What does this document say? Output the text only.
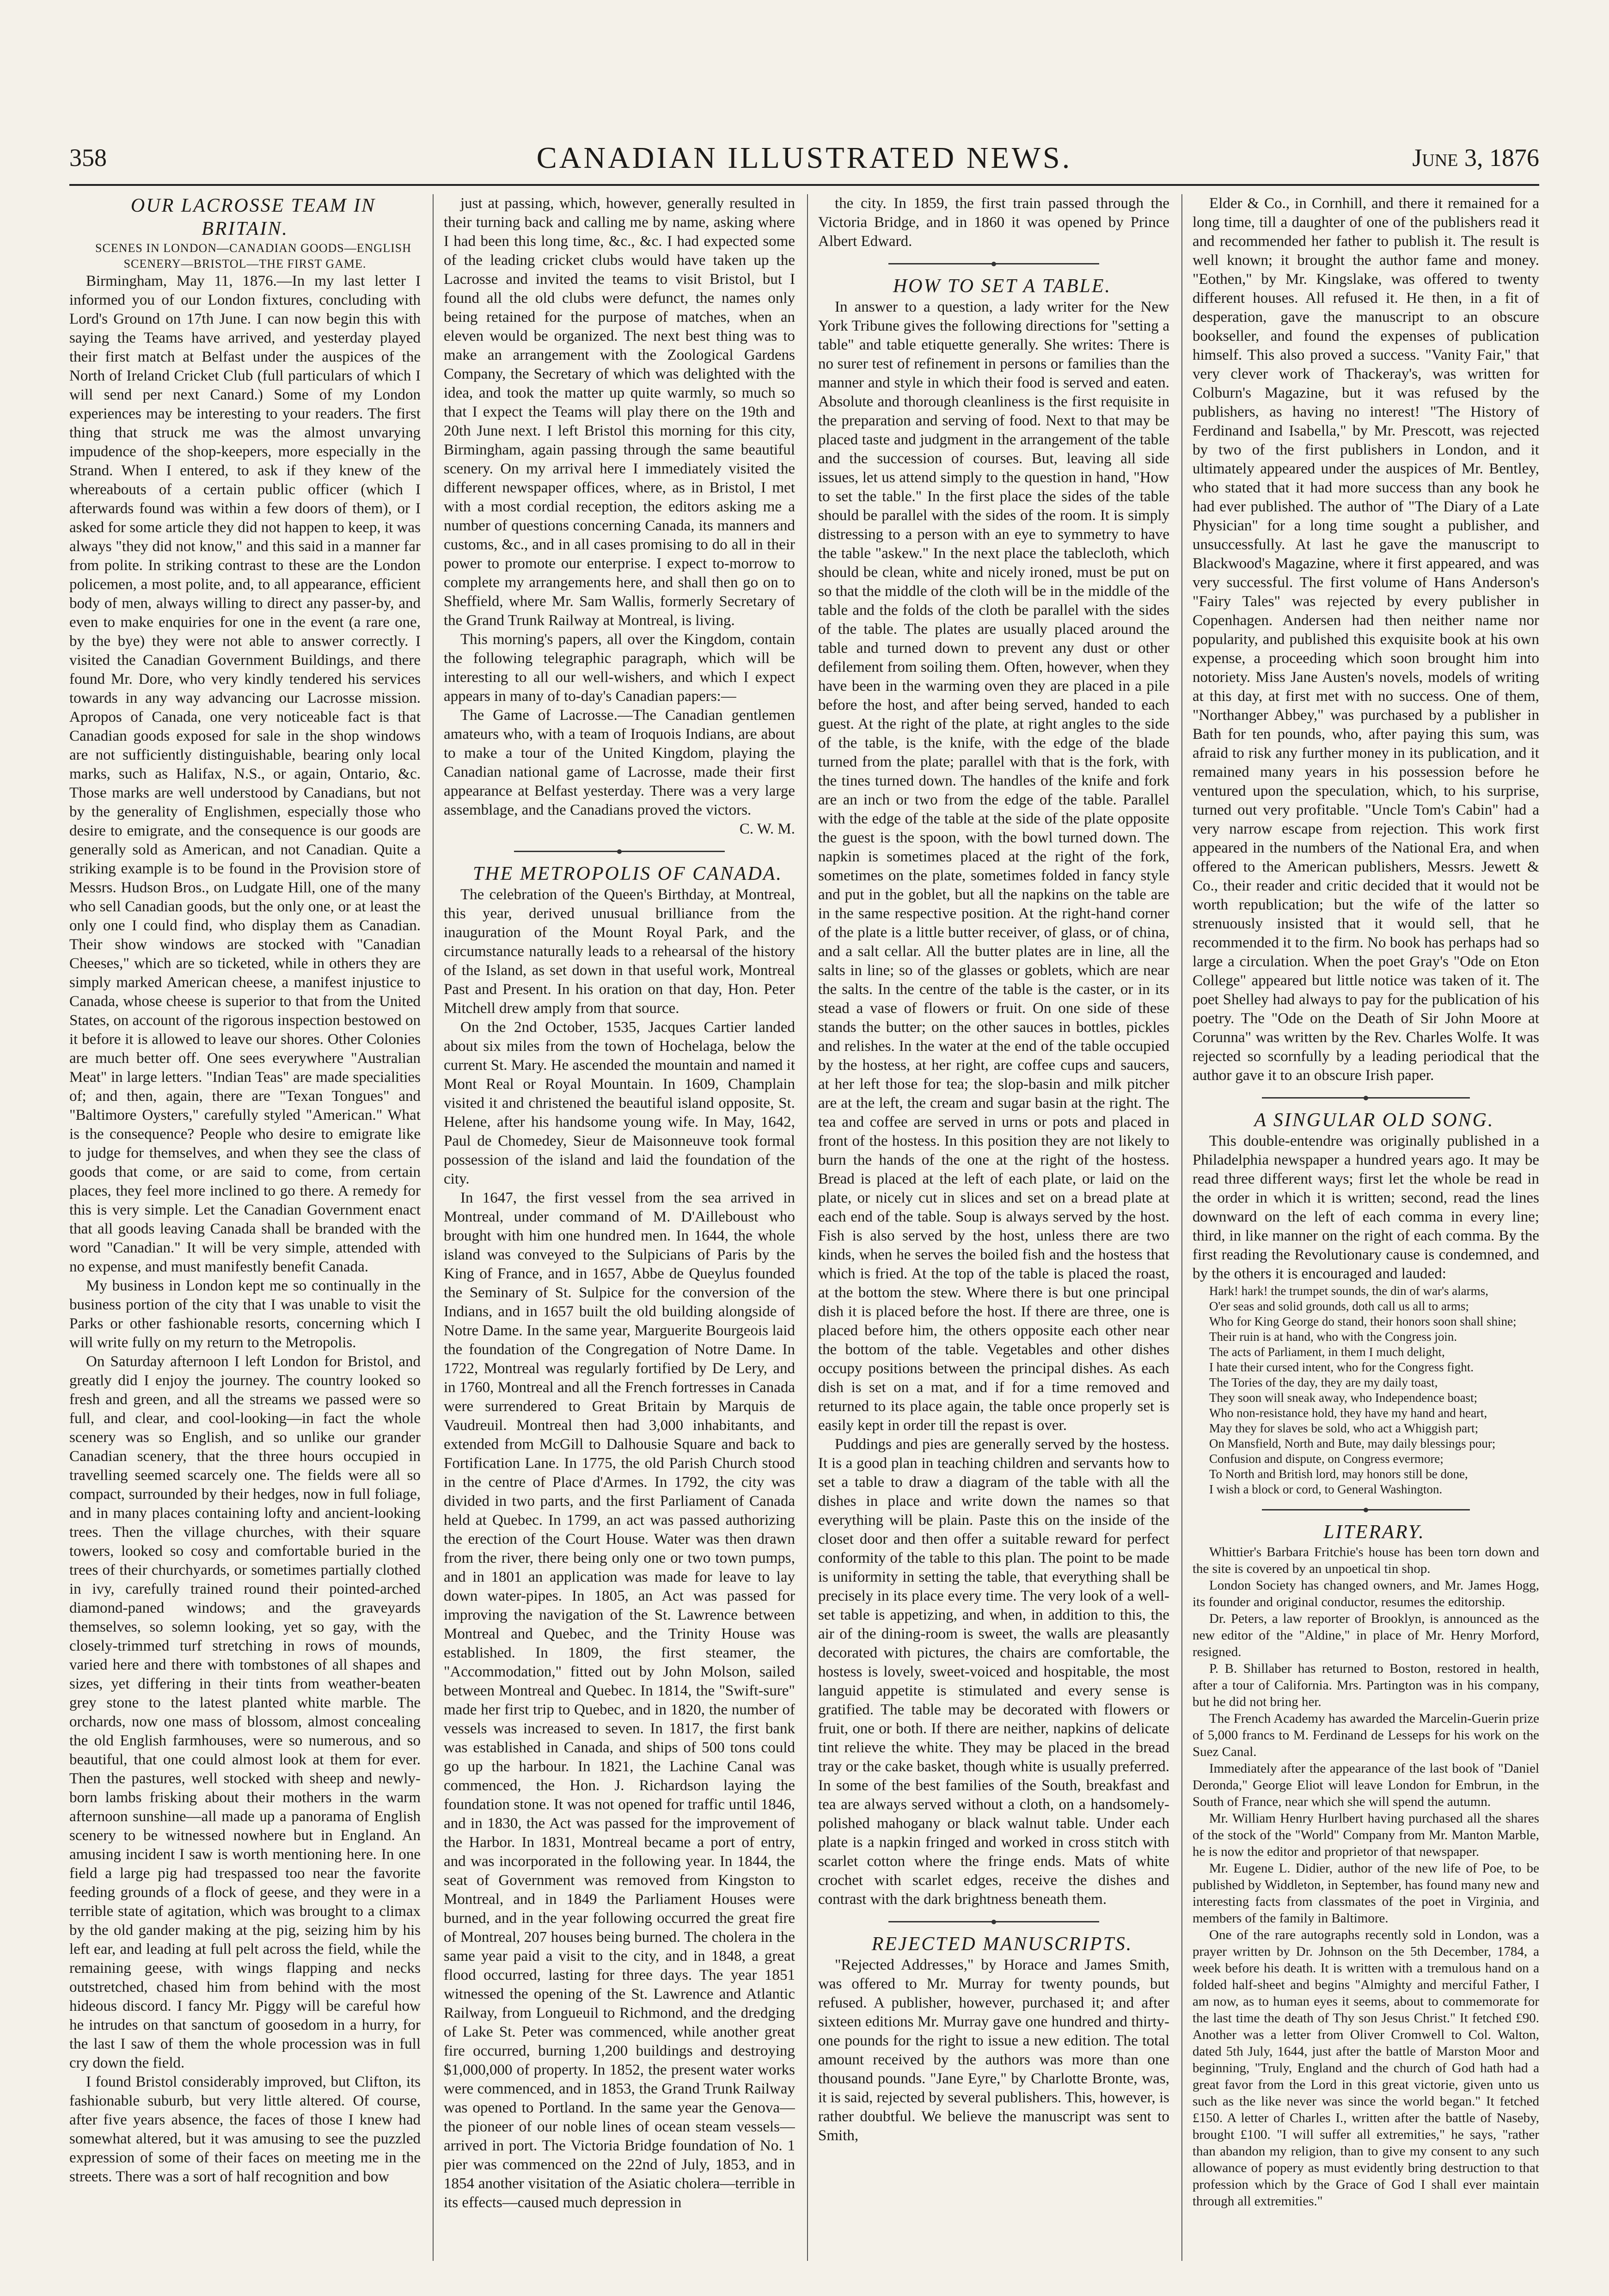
358	CANADIAN ILLUSTRATED NEWS.	June 3, 1876

OUR LACROSSE TEAM IN BRITAIN.

SCENES IN LONDON—CANADIAN GOODS—ENGLISH SCENERY—BRISTOL—THE FIRST GAME.

Birmingham, May 11, 1876.—In my last letter I informed you of our London fixtures, concluding with Lord's Ground on 17th June. I can now begin this with saying the Teams have arrived, and yesterday played their first match at Belfast under the auspices of the North of Ireland Cricket Club (full particulars of which I will send per next Canard.) Some of my London experiences may be interesting to your readers. The first thing that struck me was the almost unvarying impudence of the shop-keepers, more especially in the Strand. When I entered, to ask if they knew of the whereabouts of a certain public officer (which I afterwards found was within a few doors of them), or I asked for some article they did not happen to keep, it was always "they did not know," and this said in a manner far from polite. In striking contrast to these are the London policemen, a most polite, and, to all appearance, efficient body of men, always willing to direct any passer-by, and even to make enquiries for one in the event (a rare one, by the bye) they were not able to answer correctly. I visited the Canadian Government Buildings, and there found Mr. Dore, who very kindly tendered his services towards in any way advancing our Lacrosse mission. Apropos of Canada, one very noticeable fact is that Canadian goods exposed for sale in the shop windows are not sufficiently distinguishable, bearing only local marks, such as Halifax, N.S., or again, Ontario, &c. Those marks are well understood by Canadians, but not by the generality of Englishmen, especially those who desire to emigrate, and the consequence is our goods are generally sold as American, and not Canadian. Quite a striking example is to be found in the Provision store of Messrs. Hudson Bros., on Ludgate Hill, one of the many who sell Canadian goods, but the only one, or at least the only one I could find, who display them as Canadian. Their show windows are stocked with "Canadian Cheeses," which are so ticketed, while in others they are simply marked American cheese, a manifest injustice to Canada, whose cheese is superior to that from the United States, on account of the rigorous inspection bestowed on it before it is allowed to leave our shores. Other Colonies are much better off. One sees everywhere "Australian Meat" in large letters. "Indian Teas" are made specialities of; and then, again, there are "Texan Tongues" and "Baltimore Oysters," carefully styled "American." What is the consequence? People who desire to emigrate like to judge for themselves, and when they see the class of goods that come, or are said to come, from certain places, they feel more inclined to go there. A remedy for this is very simple. Let the Canadian Government enact that all goods leaving Canada shall be branded with the word "Canadian." It will be very simple, attended with no expense, and must manifestly benefit Canada.

My business in London kept me so continually in the business portion of the city that I was unable to visit the Parks or other fashionable resorts, concerning which I will write fully on my return to the Metropolis.

On Saturday afternoon I left London for Bristol, and greatly did I enjoy the journey. The country looked so fresh and green, and all the streams we passed were so full, and clear, and cool-looking—in fact the whole scenery was so English, and so unlike our grander Canadian scenery, that the three hours occupied in travelling seemed scarcely one. The fields were all so compact, surrounded by their hedges, now in full foliage, and in many places containing lofty and ancient-looking trees. Then the village churches, with their square towers, looked so cosy and comfortable buried in the trees of their churchyards, or sometimes partially clothed in ivy, carefully trained round their pointed-arched diamond-paned windows; and the graveyards themselves, so solemn looking, yet so gay, with the closely-trimmed turf stretching in rows of mounds, varied here and there with tombstones of all shapes and sizes, yet differing in their tints from weather-beaten grey stone to the latest planted white marble. The orchards, now one mass of blossom, almost concealing the old English farmhouses, were so numerous, and so beautiful, that one could almost look at them for ever. Then the pastures, well stocked with sheep and newly-born lambs frisking about their mothers in the warm afternoon sunshine—all made up a panorama of English scenery to be witnessed nowhere but in England. An amusing incident I saw is worth mentioning here. In one field a large pig had trespassed too near the favorite feeding grounds of a flock of geese, and they were in a terrible state of agitation, which was brought to a climax by the old gander making at the pig, seizing him by his left ear, and leading at full pelt across the field, while the remaining geese, with wings flapping and necks outstretched, chased him from behind with the most hideous discord. I fancy Mr. Piggy will be careful how he intrudes on that sanctum of goosedom in a hurry, for the last I saw of them the whole procession was in full cry down the field.

I found Bristol considerably improved, but Clifton, its fashionable suburb, but very little altered. Of course, after five years absence, the faces of those I knew had somewhat altered, but it was amusing to see the puzzled expression of some of their faces on meeting me in the streets. There was a sort of half recognition and bow

just at passing, which, however, generally resulted in their turning back and calling me by name, asking where I had been this long time, &c., &c. I had expected some of the leading cricket clubs would have taken up the Lacrosse and invited the teams to visit Bristol, but I found all the old clubs were defunct, the names only being retained for the purpose of matches, when an eleven would be organized. The next best thing was to make an arrangement with the Zoological Gardens Company, the Secretary of which was delighted with the idea, and took the matter up quite warmly, so much so that I expect the Teams will play there on the 19th and 20th June next. I left Bristol this morning for this city, Birmingham, again passing through the same beautiful scenery. On my arrival here I immediately visited the different newspaper offices, where, as in Bristol, I met with a most cordial reception, the editors asking me a number of questions concerning Canada, its manners and customs, &c., and in all cases promising to do all in their power to promote our enterprise. I expect to-morrow to complete my arrangements here, and shall then go on to Sheffield, where Mr. Sam Wallis, formerly Secretary of the Grand Trunk Railway at Montreal, is living.

This morning's papers, all over the Kingdom, contain the following telegraphic paragraph, which will be interesting to all our well-wishers, and which I expect appears in many of to-day's Canadian papers:—

The Game of Lacrosse.—The Canadian gentlemen amateurs who, with a team of Iroquois Indians, are about to make a tour of the United Kingdom, playing the Canadian national game of Lacrosse, made their first appearance at Belfast yesterday. There was a very large assemblage, and the Canadians proved the victors.

C. W. M.

THE METROPOLIS OF CANADA.

The celebration of the Queen's Birthday, at Montreal, this year, derived unusual brilliance from the inauguration of the Mount Royal Park, and the circumstance naturally leads to a rehearsal of the history of the Island, as set down in that useful work, Montreal Past and Present. In his oration on that day, Hon. Peter Mitchell drew amply from that source.

On the 2nd October, 1535, Jacques Cartier landed about six miles from the town of Hochelaga, below the current St. Mary. He ascended the mountain and named it Mont Real or Royal Mountain. In 1609, Champlain visited it and christened the beautiful island opposite, St. Helene, after his handsome young wife. In May, 1642, Paul de Chomedey, Sieur de Maisonneuve took formal possession of the island and laid the foundation of the city.

In 1647, the first vessel from the sea arrived in Montreal, under command of M. D'Ailleboust who brought with him one hundred men. In 1644, the whole island was conveyed to the Sulpicians of Paris by the King of France, and in 1657, Abbe de Queylus founded the Seminary of St. Sulpice for the conversion of the Indians, and in 1657 built the old building alongside of Notre Dame. In the same year, Marguerite Bourgeois laid the foundation of the Congregation of Notre Dame. In 1722, Montreal was regularly fortified by De Lery, and in 1760, Montreal and all the French fortresses in Canada were surrendered to Great Britain by Marquis de Vaudreuil. Montreal then had 3,000 inhabitants, and extended from McGill to Dalhousie Square and back to Fortification Lane. In 1775, the old Parish Church stood in the centre of Place d'Armes. In 1792, the city was divided in two parts, and the first Parliament of Canada held at Quebec. In 1799, an act was passed authorizing the erection of the Court House. Water was then drawn from the river, there being only one or two town pumps, and in 1801 an application was made for leave to lay down water-pipes. In 1805, an Act was passed for improving the navigation of the St. Lawrence between Montreal and Quebec, and the Trinity House was established. In 1809, the first steamer, the "Accommodation," fitted out by John Molson, sailed between Montreal and Quebec. In 1814, the "Swift-sure" made her first trip to Quebec, and in 1820, the number of vessels was increased to seven. In 1817, the first bank was established in Canada, and ships of 500 tons could go up the harbour. In 1821, the Lachine Canal was commenced, the Hon. J. Richardson laying the foundation stone. It was not opened for traffic until 1846, and in 1830, the Act was passed for the improvement of the Harbor. In 1831, Montreal became a port of entry, and was incorporated in the following year. In 1844, the seat of Government was removed from Kingston to Montreal, and in 1849 the Parliament Houses were burned, and in the year following occurred the great fire of Montreal, 207 houses being burned. The cholera in the same year paid a visit to the city, and in 1848, a great flood occurred, lasting for three days. The year 1851 witnessed the opening of the St. Lawrence and Atlantic Railway, from Longueuil to Richmond, and the dredging of Lake St. Peter was commenced, while another great fire occurred, burning 1,200 buildings and destroying $1,000,000 of property. In 1852, the present water works were commenced, and in 1853, the Grand Trunk Railway was opened to Portland. In the same year the Genova—the pioneer of our noble lines of ocean steam vessels—arrived in port. The Victoria Bridge foundation of No. 1 pier was commenced on the 22nd of July, 1853, and in 1854 another visitation of the Asiatic cholera—terrible in its effects—caused much depression in

the city. In 1859, the first train passed through the Victoria Bridge, and in 1860 it was opened by Prince Albert Edward.

HOW TO SET A TABLE.

In answer to a question, a lady writer for the New York Tribune gives the following directions for "setting a table" and table etiquette generally. She writes: There is no surer test of refinement in persons or families than the manner and style in which their food is served and eaten. Absolute and thorough cleanliness is the first requisite in the preparation and serving of food. Next to that may be placed taste and judgment in the arrangement of the table and the succession of courses. But, leaving all side issues, let us attend simply to the question in hand, "How to set the table." In the first place the sides of the table should be parallel with the sides of the room. It is simply distressing to a person with an eye to symmetry to have the table "askew." In the next place the tablecloth, which should be clean, white and nicely ironed, must be put on so that the middle of the cloth will be in the middle of the table and the folds of the cloth be parallel with the sides of the table. The plates are usually placed around the table and turned down to prevent any dust or other defilement from soiling them. Often, however, when they have been in the warming oven they are placed in a pile before the host, and after being served, handed to each guest. At the right of the plate, at right angles to the side of the table, is the knife, with the edge of the blade turned from the plate; parallel with that is the fork, with the tines turned down. The handles of the knife and fork are an inch or two from the edge of the table. Parallel with the edge of the table at the side of the plate opposite the guest is the spoon, with the bowl turned down. The napkin is sometimes placed at the right of the fork, sometimes on the plate, sometimes folded in fancy style and put in the goblet, but all the napkins on the table are in the same respective position. At the right-hand corner of the plate is a little butter receiver, of glass, or of china, and a salt cellar. All the butter plates are in line, all the salts in line; so of the glasses or goblets, which are near the salts. In the centre of the table is the caster, or in its stead a vase of flowers or fruit. On one side of these stands the butter; on the other sauces in bottles, pickles and relishes. In the water at the end of the table occupied by the hostess, at her right, are coffee cups and saucers, at her left those for tea; the slop-basin and milk pitcher are at the left, the cream and sugar basin at the right. The tea and coffee are served in urns or pots and placed in front of the hostess. In this position they are not likely to burn the hands of the one at the right of the hostess. Bread is placed at the left of each plate, or laid on the plate, or nicely cut in slices and set on a bread plate at each end of the table. Soup is always served by the host. Fish is also served by the host, unless there are two kinds, when he serves the boiled fish and the hostess that which is fried. At the top of the table is placed the roast, at the bottom the stew. Where there is but one principal dish it is placed before the host. If there are three, one is placed before him, the others opposite each other near the bottom of the table. Vegetables and other dishes occupy positions between the principal dishes. As each dish is set on a mat, and if for a time removed and returned to its place again, the table once properly set is easily kept in order till the repast is over.

Puddings and pies are generally served by the hostess. It is a good plan in teaching children and servants how to set a table to draw a diagram of the table with all the dishes in place and write down the names so that everything will be plain. Paste this on the inside of the closet door and then offer a suitable reward for perfect conformity of the table to this plan. The point to be made is uniformity in setting the table, that everything shall be precisely in its place every time. The very look of a well-set table is appetizing, and when, in addition to this, the air of the dining-room is sweet, the walls are pleasantly decorated with pictures, the chairs are comfortable, the hostess is lovely, sweet-voiced and hospitable, the most languid appetite is stimulated and every sense is gratified. The table may be decorated with flowers or fruit, one or both. If there are neither, napkins of delicate tint relieve the white. They may be placed in the bread tray or the cake basket, though white is usually preferred. In some of the best families of the South, breakfast and tea are always served without a cloth, on a handsomely-polished mahogany or black walnut table. Under each plate is a napkin fringed and worked in cross stitch with scarlet cotton where the fringe ends. Mats of white crochet with scarlet edges, receive the dishes and contrast with the dark brightness beneath them.

REJECTED MANUSCRIPTS.

"Rejected Addresses," by Horace and James Smith, was offered to Mr. Murray for twenty pounds, but refused. A publisher, however, purchased it; and after sixteen editions Mr. Murray gave one hundred and thirty-one pounds for the right to issue a new edition. The total amount received by the authors was more than one thousand pounds. "Jane Eyre," by Charlotte Bronte, was, it is said, rejected by several publishers. This, however, is rather doubtful. We believe the manuscript was sent to Smith,

Elder & Co., in Cornhill, and there it remained for a long time, till a daughter of one of the publishers read it and recommended her father to publish it. The result is well known; it brought the author fame and money. "Eothen," by Mr. Kingslake, was offered to twenty different houses. All refused it. He then, in a fit of desperation, gave the manuscript to an obscure bookseller, and found the expenses of publication himself. This also proved a success. "Vanity Fair," that very clever work of Thackeray's, was written for Colburn's Magazine, but it was refused by the publishers, as having no interest! "The History of Ferdinand and Isabella," by Mr. Prescott, was rejected by two of the first publishers in London, and it ultimately appeared under the auspices of Mr. Bentley, who stated that it had more success than any book he had ever published. The author of "The Diary of a Late Physician" for a long time sought a publisher, and unsuccessfully. At last he gave the manuscript to Blackwood's Magazine, where it first appeared, and was very successful. The first volume of Hans Anderson's "Fairy Tales" was rejected by every publisher in Copenhagen. Andersen had then neither name nor popularity, and published this exquisite book at his own expense, a proceeding which soon brought him into notoriety. Miss Jane Austen's novels, models of writing at this day, at first met with no success. One of them, "Northanger Abbey," was purchased by a publisher in Bath for ten pounds, who, after paying this sum, was afraid to risk any further money in its publication, and it remained many years in his possession before he ventured upon the speculation, which, to his surprise, turned out very profitable. "Uncle Tom's Cabin" had a very narrow escape from rejection. This work first appeared in the numbers of the National Era, and when offered to the American publishers, Messrs. Jewett & Co., their reader and critic decided that it would not be worth republication; but the wife of the latter so strenuously insisted that it would sell, that he recommended it to the firm. No book has perhaps had so large a circulation. When the poet Gray's "Ode on Eton College" appeared but little notice was taken of it. The poet Shelley had always to pay for the publication of his poetry. The "Ode on the Death of Sir John Moore at Corunna" was written by the Rev. Charles Wolfe. It was rejected so scornfully by a leading periodical that the author gave it to an obscure Irish paper.

A SINGULAR OLD SONG.

This double-entendre was originally published in a Philadelphia newspaper a hundred years ago. It may be read three different ways; first let the whole be read in the order in which it is written; second, read the lines downward on the left of each comma in every line; third, in like manner on the right of each comma. By the first reading the Revolutionary cause is condemned, and by the others it is encouraged and lauded:

Hark! hark! the trumpet sounds, the din of war's alarms,

O'er seas and solid grounds, doth call us all to arms;

Who for King George do stand, their honors soon shall shine;

Their ruin is at hand, who with the Congress join.

The acts of Parliament, in them I much delight,

I hate their cursed intent, who for the Congress fight.

The Tories of the day, they are my daily toast,

They soon will sneak away, who Independence boast;

Who non-resistance hold, they have my hand and heart,

May they for slaves be sold, who act a Whiggish part;

On Mansfield, North and Bute, may daily blessings pour;

Confusion and dispute, on Congress evermore;

To North and British lord, may honors still be done,

I wish a block or cord, to General Washington.

LITERARY.

Whittier's Barbara Fritchie's house has been torn down and the site is covered by an unpoetical tin shop.

London Society has changed owners, and Mr. James Hogg, its founder and original conductor, resumes the editorship.

Dr. Peters, a law reporter of Brooklyn, is announced as the new editor of the "Aldine," in place of Mr. Henry Morford, resigned.

P. B. Shillaber has returned to Boston, restored in health, after a tour of California. Mrs. Partington was in his company, but he did not bring her.

The French Academy has awarded the Marcelin-Guerin prize of 5,000 francs to M. Ferdinand de Lesseps for his work on the Suez Canal.

Immediately after the appearance of the last book of "Daniel Deronda," George Eliot will leave London for Embrun, in the South of France, near which she will spend the autumn.

Mr. William Henry Hurlbert having purchased all the shares of the stock of the "World" Company from Mr. Manton Marble, he is now the editor and proprietor of that newspaper.

Mr. Eugene L. Didier, author of the new life of Poe, to be published by Widdleton, in September, has found many new and interesting facts from classmates of the poet in Virginia, and members of the family in Baltimore.

One of the rare autographs recently sold in London, was a prayer written by Dr. Johnson on the 5th December, 1784, a week before his death. It is written with a tremulous hand on a folded half-sheet and begins "Almighty and merciful Father, I am now, as to human eyes it seems, about to commemorate for the last time the death of Thy son Jesus Christ." It fetched £90. Another was a letter from Oliver Cromwell to Col. Walton, dated 5th July, 1644, just after the battle of Marston Moor and beginning, "Truly, England and the church of God hath had a great favor from the Lord in this great victorie, given unto us such as the like never was since the world began." It fetched £150. A letter of Charles I., written after the battle of Naseby, brought £100. "I will suffer all extremities," he says, "rather than abandon my religion, than to give my consent to any such allowance of popery as must evidently bring destruction to that profession which by the Grace of God I shall ever maintain through all extremities."
